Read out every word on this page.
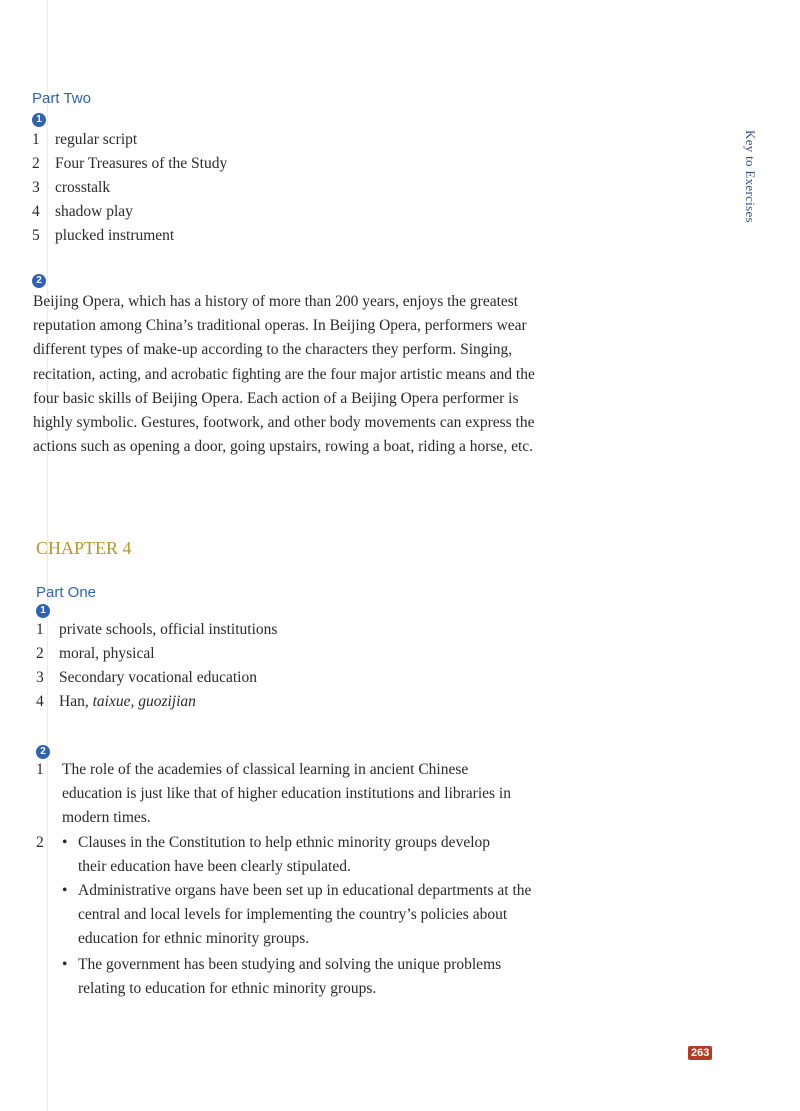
Key to Exercises
Part Two
1
1 regular script
2 Four Treasures of the Study
3 crosstalk
4 shadow play
5 plucked instrument
2

Beijing Opera, which has a history of more than 200 years, enjoys the greatest reputation among China’s traditional operas. In Beijing Opera, performers wear different types of make-up according to the characters they perform. Singing, recitation, acting, and acrobatic fighting are the four major artistic means and the four basic skills of Beijing Opera. Each action of a Beijing Opera performer is highly symbolic. Gestures, footwork, and other body movements can express the actions such as opening a door, going upstairs, rowing a boat, riding a horse, etc.

CHAPTER 4
Part One
1
1 private schools, official institutions
2 moral, physical
3 Secondary vocational education
4 Han, taixue, guozijian
2
1 The role of the academies of classical learning in ancient Chinese education is just like that of higher education institutions and libraries in modern times.
2 • Clauses in the Constitution to help ethnic minority groups develop their education have been clearly stipulated.
• Administrative organs have been set up in educational departments at the central and local levels for implementing the country’s policies about education for ethnic minority groups.
• The government has been studying and solving the unique problems relating to education for ethnic minority groups.
263
